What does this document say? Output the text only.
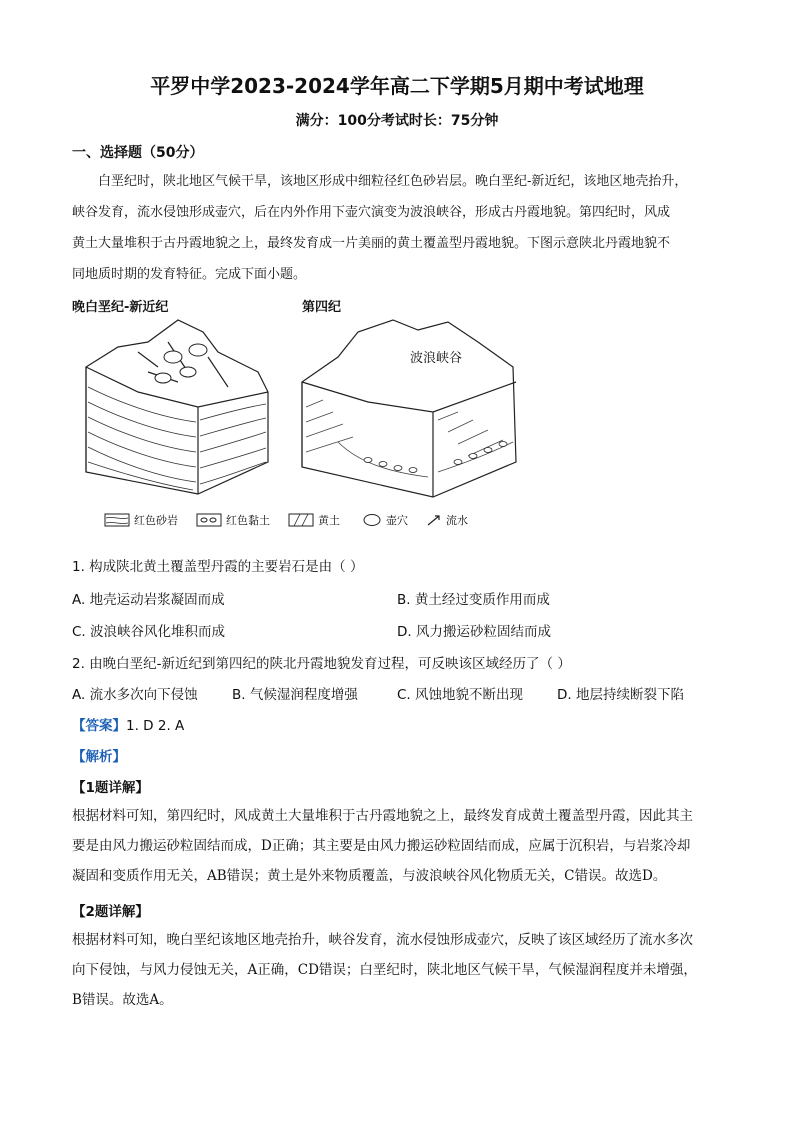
平罗中学2023-2024学年高二下学期5月期中考试地理
满分：100分考试时长：75分钟
一、选择题（50分）
白垩纪时，陕北地区气候干旱，该地区形成中细粒径红色砂岩层。晚白垩纪-新近纪，该地区地壳抬升，
峡谷发育，流水侵蚀形成壶穴，后在内外作用下壶穴演变为波浪峡谷，形成古丹霞地貌。第四纪时，风成
黄土大量堆积于古丹霞地貌之上，最终发育成一片美丽的黄土覆盖型丹霞地貌。下图示意陕北丹霞地貌不
同地质时期的发育特征。完成下面小题。
晚白垩纪-新近纪	第四纪
波浪峡谷
红色砂岩	红色黏土	黄土	壶穴	流水
1. 构成陕北黄土覆盖型丹霞的主要岩石是由（ ）
A. 地壳运动岩浆凝固而成	B. 黄土经过变质作用而成
C. 波浪峡谷风化堆积而成	D. 风力搬运砂粒固结而成
2. 由晚白垩纪-新近纪到第四纪的陕北丹霞地貌发育过程，可反映该区域经历了（ ）
A. 流水多次向下侵蚀	B. 气候湿润程度增强	C. 风蚀地貌不断出现	D. 地层持续断裂下陷
【答案】1. D 2. A
【解析】
【1题详解】
根据材料可知，第四纪时，风成黄土大量堆积于古丹霞地貌之上，最终发育成黄土覆盖型丹霞，因此其主
要是由风力搬运砂粒固结而成，D正确；其主要是由风力搬运砂粒固结而成，应属于沉积岩，与岩浆冷却
凝固和变质作用无关，AB错误；黄土是外来物质覆盖，与波浪峡谷风化物质无关，C错误。故选D。
【2题详解】
根据材料可知，晚白垩纪该地区地壳抬升，峡谷发育，流水侵蚀形成壶穴，反映了该区域经历了流水多次
向下侵蚀，与风力侵蚀无关，A正确，CD错误；白垩纪时，陕北地区气候干旱，气候湿润程度并未增强，
B错误。故选A。
